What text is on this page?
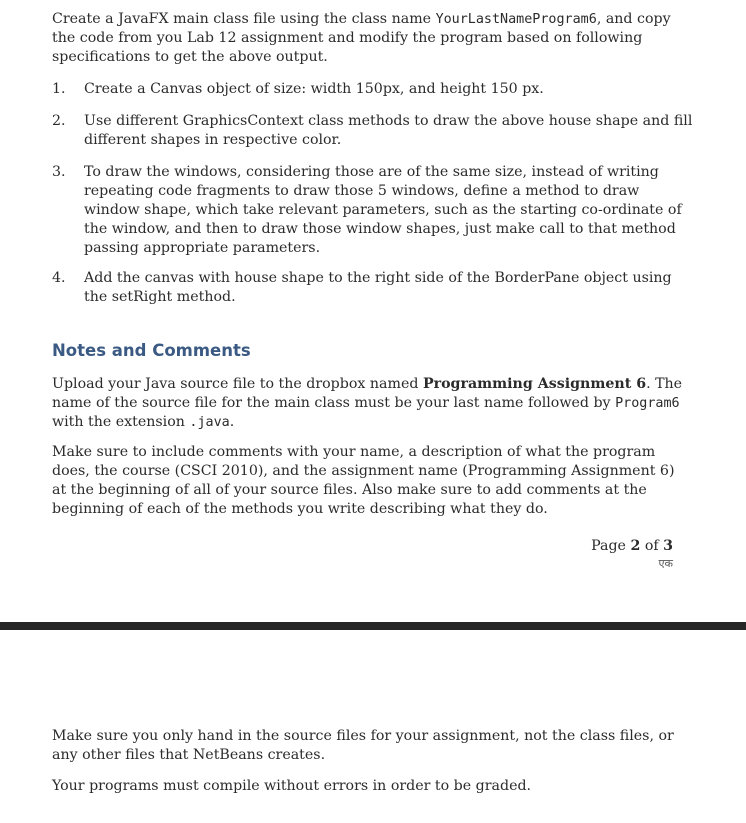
Create a JavaFX main class file using the class name YourLastNameProgram6, and copy the code from you Lab 12 assignment and modify the program based on following specifications to get the above output.

1.	Create a Canvas object of size: width 150px, and height 150 px.
2.	Use different GraphicsContext class methods to draw the above house shape and fill different shapes in respective color.
3.	To draw the windows, considering those are of the same size, instead of writing repeating code fragments to draw those 5 windows, define a method to draw window shape, which take relevant parameters, such as the starting co-ordinate of the window, and then to draw those window shapes, just make call to that method passing appropriate parameters.
4.	Add the canvas with house shape to the right side of the BorderPane object using the setRight method.
Notes and Comments

Upload your Java source file to the dropbox named Programming Assignment 6. The name of the source file for the main class must be your last name followed by Program6 with the extension .java.

Make sure to include comments with your name, a description of what the program does, the course (CSCI 2010), and the assignment name (Programming Assignment 6) at the beginning of all of your source files. Also make sure to add comments at the beginning of each of the methods you write describing what they do.

Page 2 of 3
एक

Make sure you only hand in the source files for your assignment, not the class files, or any other files that NetBeans creates.

Your programs must compile without errors in order to be graded.
